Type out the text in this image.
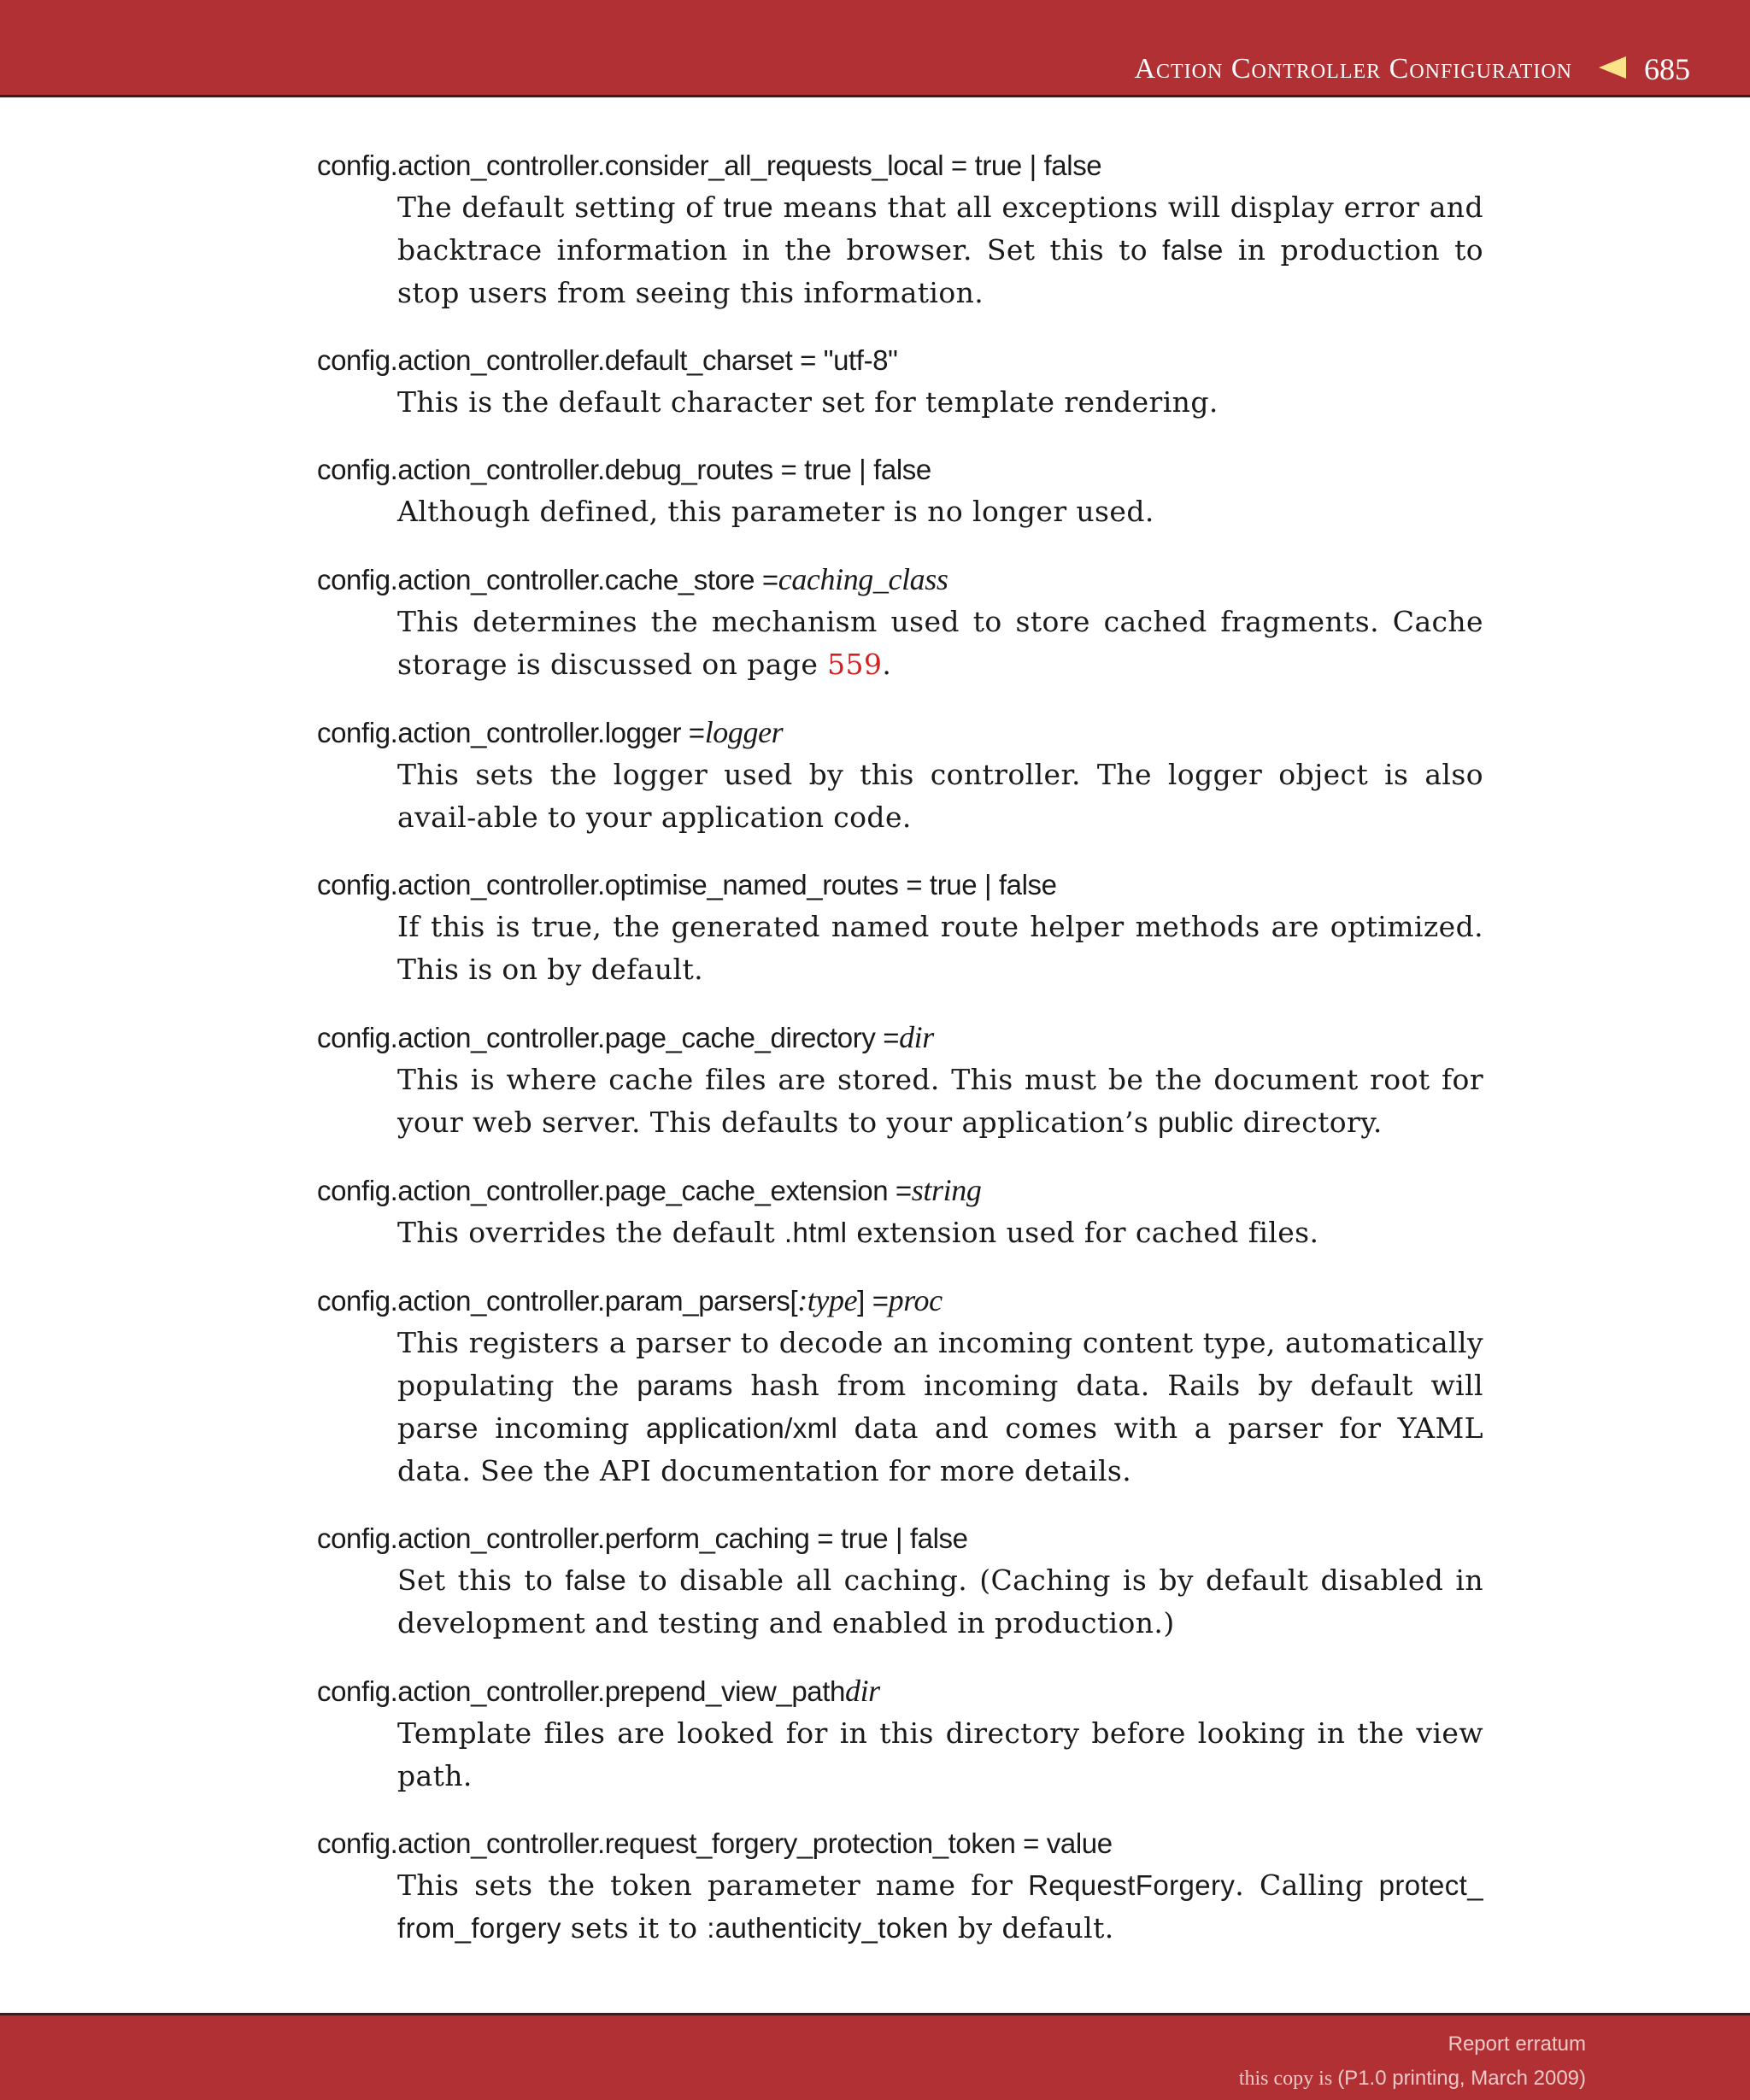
Action Controller Configuration 685
config.action_controller.consider_all_requests_local = true | false
The default setting of true means that all exceptions will display error and backtrace information in the browser. Set this to false in production to stop users from seeing this information.
config.action_controller.default_charset = "utf-8"
This is the default character set for template rendering.
config.action_controller.debug_routes = true | false
Although defined, this parameter is no longer used.
config.action_controller.cache_store =caching_class
This determines the mechanism used to store cached fragments. Cache storage is discussed on page 559.
config.action_controller.logger =logger
This sets the logger used by this controller. The logger object is also avail-able to your application code.
config.action_controller.optimise_named_routes = true | false
If this is true, the generated named route helper methods are optimized. This is on by default.
config.action_controller.page_cache_directory =dir
This is where cache files are stored. This must be the document root for your web server. This defaults to your application’s public directory.
config.action_controller.page_cache_extension =string
This overrides the default .html extension used for cached files.
config.action_controller.param_parsers[:type] =proc
This registers a parser to decode an incoming content type, automatically populating the params hash from incoming data. Rails by default will parse incoming application/xml data and comes with a parser for YAML data. See the API documentation for more details.
config.action_controller.perform_caching = true | false
Set this to false to disable all caching. (Caching is by default disabled in development and testing and enabled in production.)
config.action_controller.prepend_view_pathdir
Template files are looked for in this directory before looking in the view path.
config.action_controller.request_forgery_protection_token = value
This sets the token parameter name for RequestForgery. Calling protect_ from_forgery sets it to :authenticity_token by default.
Report erratum
this copy is (P1.0 printing, March 2009)
